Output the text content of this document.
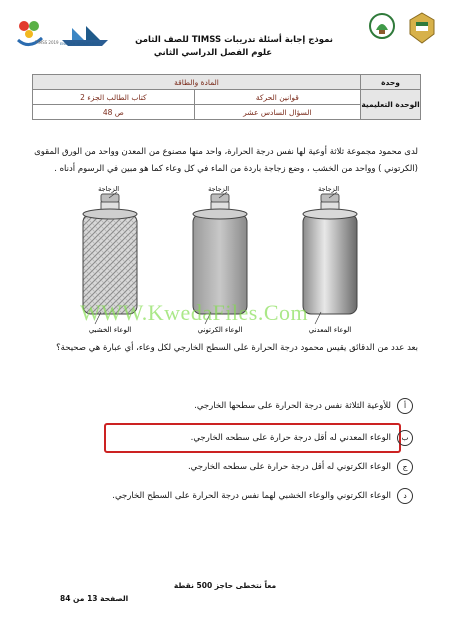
TIMSS 2019 ENGLISH DEPARTMENT	نموذج إجابة أسئلة تدريبات TIMSS للصف الثامن
علوم الفصل الدراسي الثاني
وحدة	المادة والطاقة	
الوحدة التعليمية	قوانين الحركة	كتاب الطالب الجزء 2
	السؤال السادس عشر	ص 48
لدى محمود مجموعة ثلاثة أوعية لها نفس درجة الحرارة، واحد منها مصنوع من المعدن وواحد من الورق المقوى (الكرتوني ) وواحد من الخشب ، وضع زجاجة باردة من الماء في كل وعاء كما هو مبين في الرسوم أدناه .
الزجاجة	الزجاجة	الزجاجة
الوعاء الخشبي	الوعاء الكرتوني	الوعاء المعدني
WWW.KwedaFiles.Com
بعد عدد من الدقائق يقيس محمود درجة الحرارة على السطح الخارجي لكل وعاء، أي عبارة هي صحيحة؟
أ
للأوعية الثلاثة نفس درجة الحرارة على سطحها الخارجي.
ب
الوعاء المعدني له أقل درجة حرارة على سطحه الخارجي.
ج
الوعاء الكرتوني له أقل درجة حرارة على سطحه الخارجي.
د
الوعاء الكرتوني والوعاء الخشبي لهما نفس درجة الحرارة على السطح الخارجي.
معاً نتخطى حاجز 500 نقطة
الصفحة 13 من 84
